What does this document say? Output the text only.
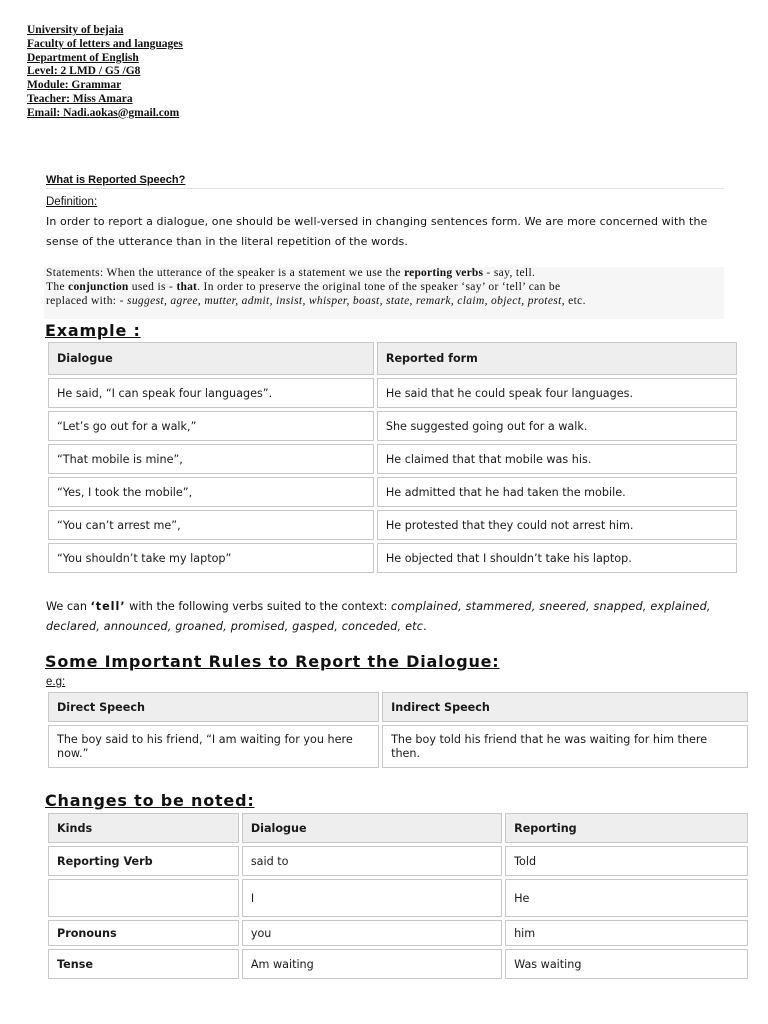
University of bejaia
Faculty of letters and languages
Department of English
Level: 2 LMD / G5 /G8
Module: Grammar
Teacher: Miss Amara
Email: Nadi.aokas@gmail.com
What is Reported Speech?
Definition:
In order to report a dialogue, one should be well-versed in changing sentences form. We are more concerned with the sense of the utterance than in the literal repetition of the words.
Statements: When the utterance of the speaker is a statement we use the reporting verbs - say, tell.
The conjunction used is - that. In order to preserve the original tone of the speaker ‘say’ or ‘tell’ can be
replaced with: - suggest, agree, mutter, admit, insist, whisper, boast, state, remark, claim, object, protest, etc.
Example :
Dialogue	Reported form
He said, “I can speak four languages”.	He said that he could speak four languages.
“Let’s go out for a walk,”	She suggested going out for a walk.
“That mobile is mine”,	He claimed that that mobile was his.
“Yes, I took the mobile”,	He admitted that he had taken the mobile.
“You can’t arrest me”,	He protested that they could not arrest him.
“You shouldn’t take my laptop”	He objected that I shouldn’t take his laptop.
We can ‘tell’ with the following verbs suited to the context: complained, stammered, sneered, snapped, explained, declared, announced, groaned, promised, gasped, conceded, etc.
Some Important Rules to Report the Dialogue:
e.g:
Direct Speech	Indirect Speech
The boy said to his friend, “I am waiting for you here now.”	The boy told his friend that he was waiting for him there then.
Changes to be noted:
Kinds	Dialogue	Reporting
Reporting Verb	said to	Told
	I	He
Pronouns	you	him
Tense	Am waiting	Was waiting
